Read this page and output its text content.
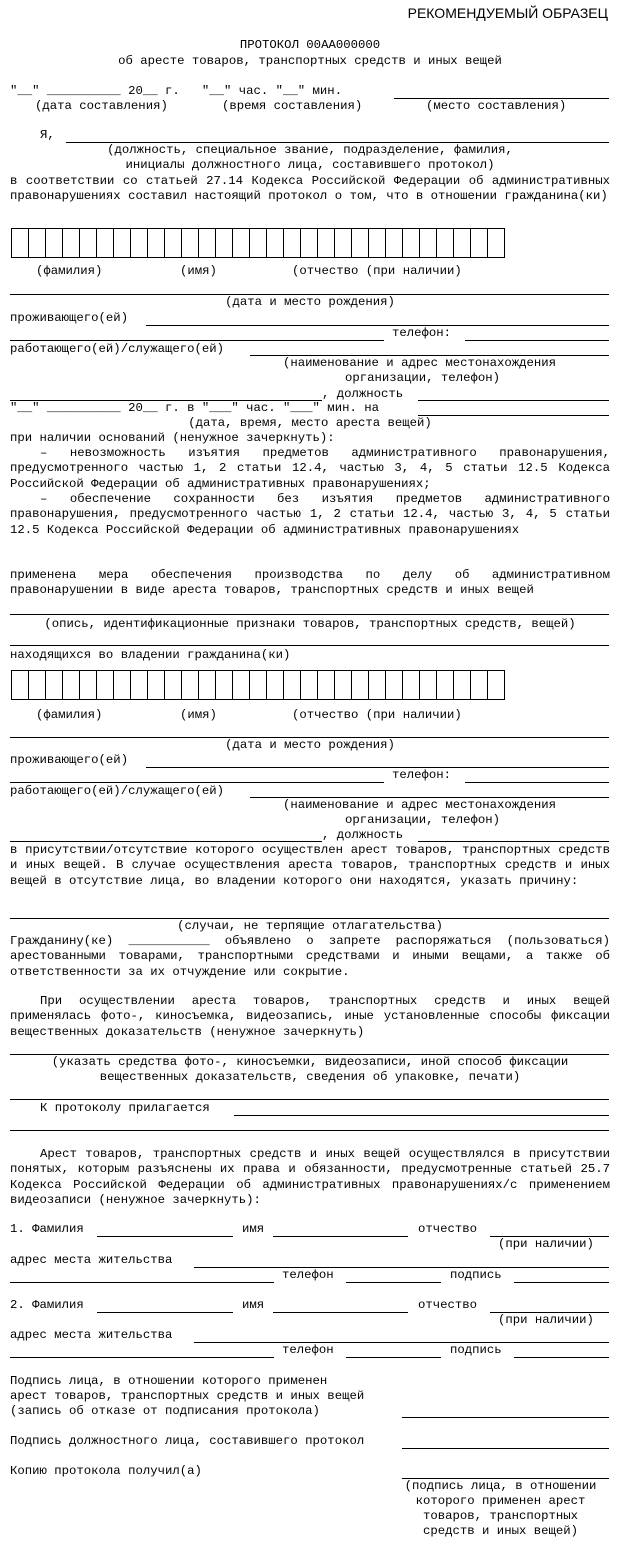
РЕКОМЕНДУЕМЫЙ ОБРАЗЕЦ
ПРОТОКОЛ 00АА000000
об аресте товаров, транспортных средств и иных вещей
"__" __________ 20__ г.   "__" час. "__" мин.
(дата составления)	(время составления)	(место составления)
Я,
(должность, специальное звание, подразделение, фамилия,
инициалы должностного лица, составившего протокол)
в соответствии со статьей 27.14 Кодекса Российской Федерации об административных правонарушениях составил настоящий протокол о том, что в отношении гражданина(ки)
(фамилия)	(имя)	(отчество (при наличии)
(дата и место рождения)
проживающего(ей)
телефон:
работающего(ей)/служащего(ей)
(наименование и адрес местонахождения
организации, телефон)
, должность
"__" __________ 20__ г. в "___" час. "___" мин. на
(дата, время, место ареста вещей)
при наличии оснований (ненужное зачеркнуть):
– невозможность изъятия предметов административного правонарушения, предусмотренного частью 1, 2 статьи 12.4, частью 3, 4, 5 статьи 12.5 Кодекса Российской Федерации об административных правонарушениях;
– обеспечение сохранности без изъятия предметов административного правонарушения, предусмотренного частью 1, 2 статьи 12.4, частью 3, 4, 5 статьи 12.5 Кодекса Российской Федерации об административных правонарушениях
применена мера обеспечения производства по делу об административном правонарушении в виде ареста товаров, транспортных средств и иных вещей
(опись, идентификационные признаки товаров, транспортных средств, вещей)
находящихся во владении гражданина(ки)
(фамилия)	(имя)	(отчество (при наличии)
(дата и место рождения)
проживающего(ей)
телефон:
работающего(ей)/служащего(ей)
(наименование и адрес местонахождения
организации, телефон)
, должность
в присутствии/отсутствие которого осуществлен арест товаров, транспортных средств и иных вещей. В случае осуществления ареста товаров, транспортных средств и иных вещей в отсутствие лица, во владении которого они находятся, указать причину:
(случаи, не терпящие отлагательства)
Гражданину(ке) ___________ объявлено о запрете распоряжаться (пользоваться) арестованными товарами, транспортными средствами и иными вещами, а также об ответственности за их отчуждение или сокрытие.
При осуществлении ареста товаров, транспортных средств и иных вещей применялась фото-, киносъемка, видеозапись, иные установленные способы фиксации вещественных доказательств (ненужное зачеркнуть)
(указать средства фото-, киносъемки, видеозаписи, иной способ фиксации
вещественных доказательств, сведения об упаковке, печати)
К протоколу прилагается
Арест товаров, транспортных средств и иных вещей осуществлялся в присутствии понятых, которым разъяснены их права и обязанности, предусмотренные статьей 25.7 Кодекса Российской Федерации об административных правонарушениях/с применением видеозаписи (ненужное зачеркнуть):
1. Фамилия	имя	отчество
(при наличии)
адрес места жительства
телефон	подпись
2. Фамилия	имя	отчество
(при наличии)
адрес места жительства
телефон	подпись
Подпись лица, в отношении которого применен
арест товаров, транспортных средств и иных вещей
(запись об отказе от подписания протокола)
Подпись должностного лица, составившего протокол
Копию протокола получил(а)
(подпись лица, в отношении
которого применен арест
товаров, транспортных
средств и иных вещей)
